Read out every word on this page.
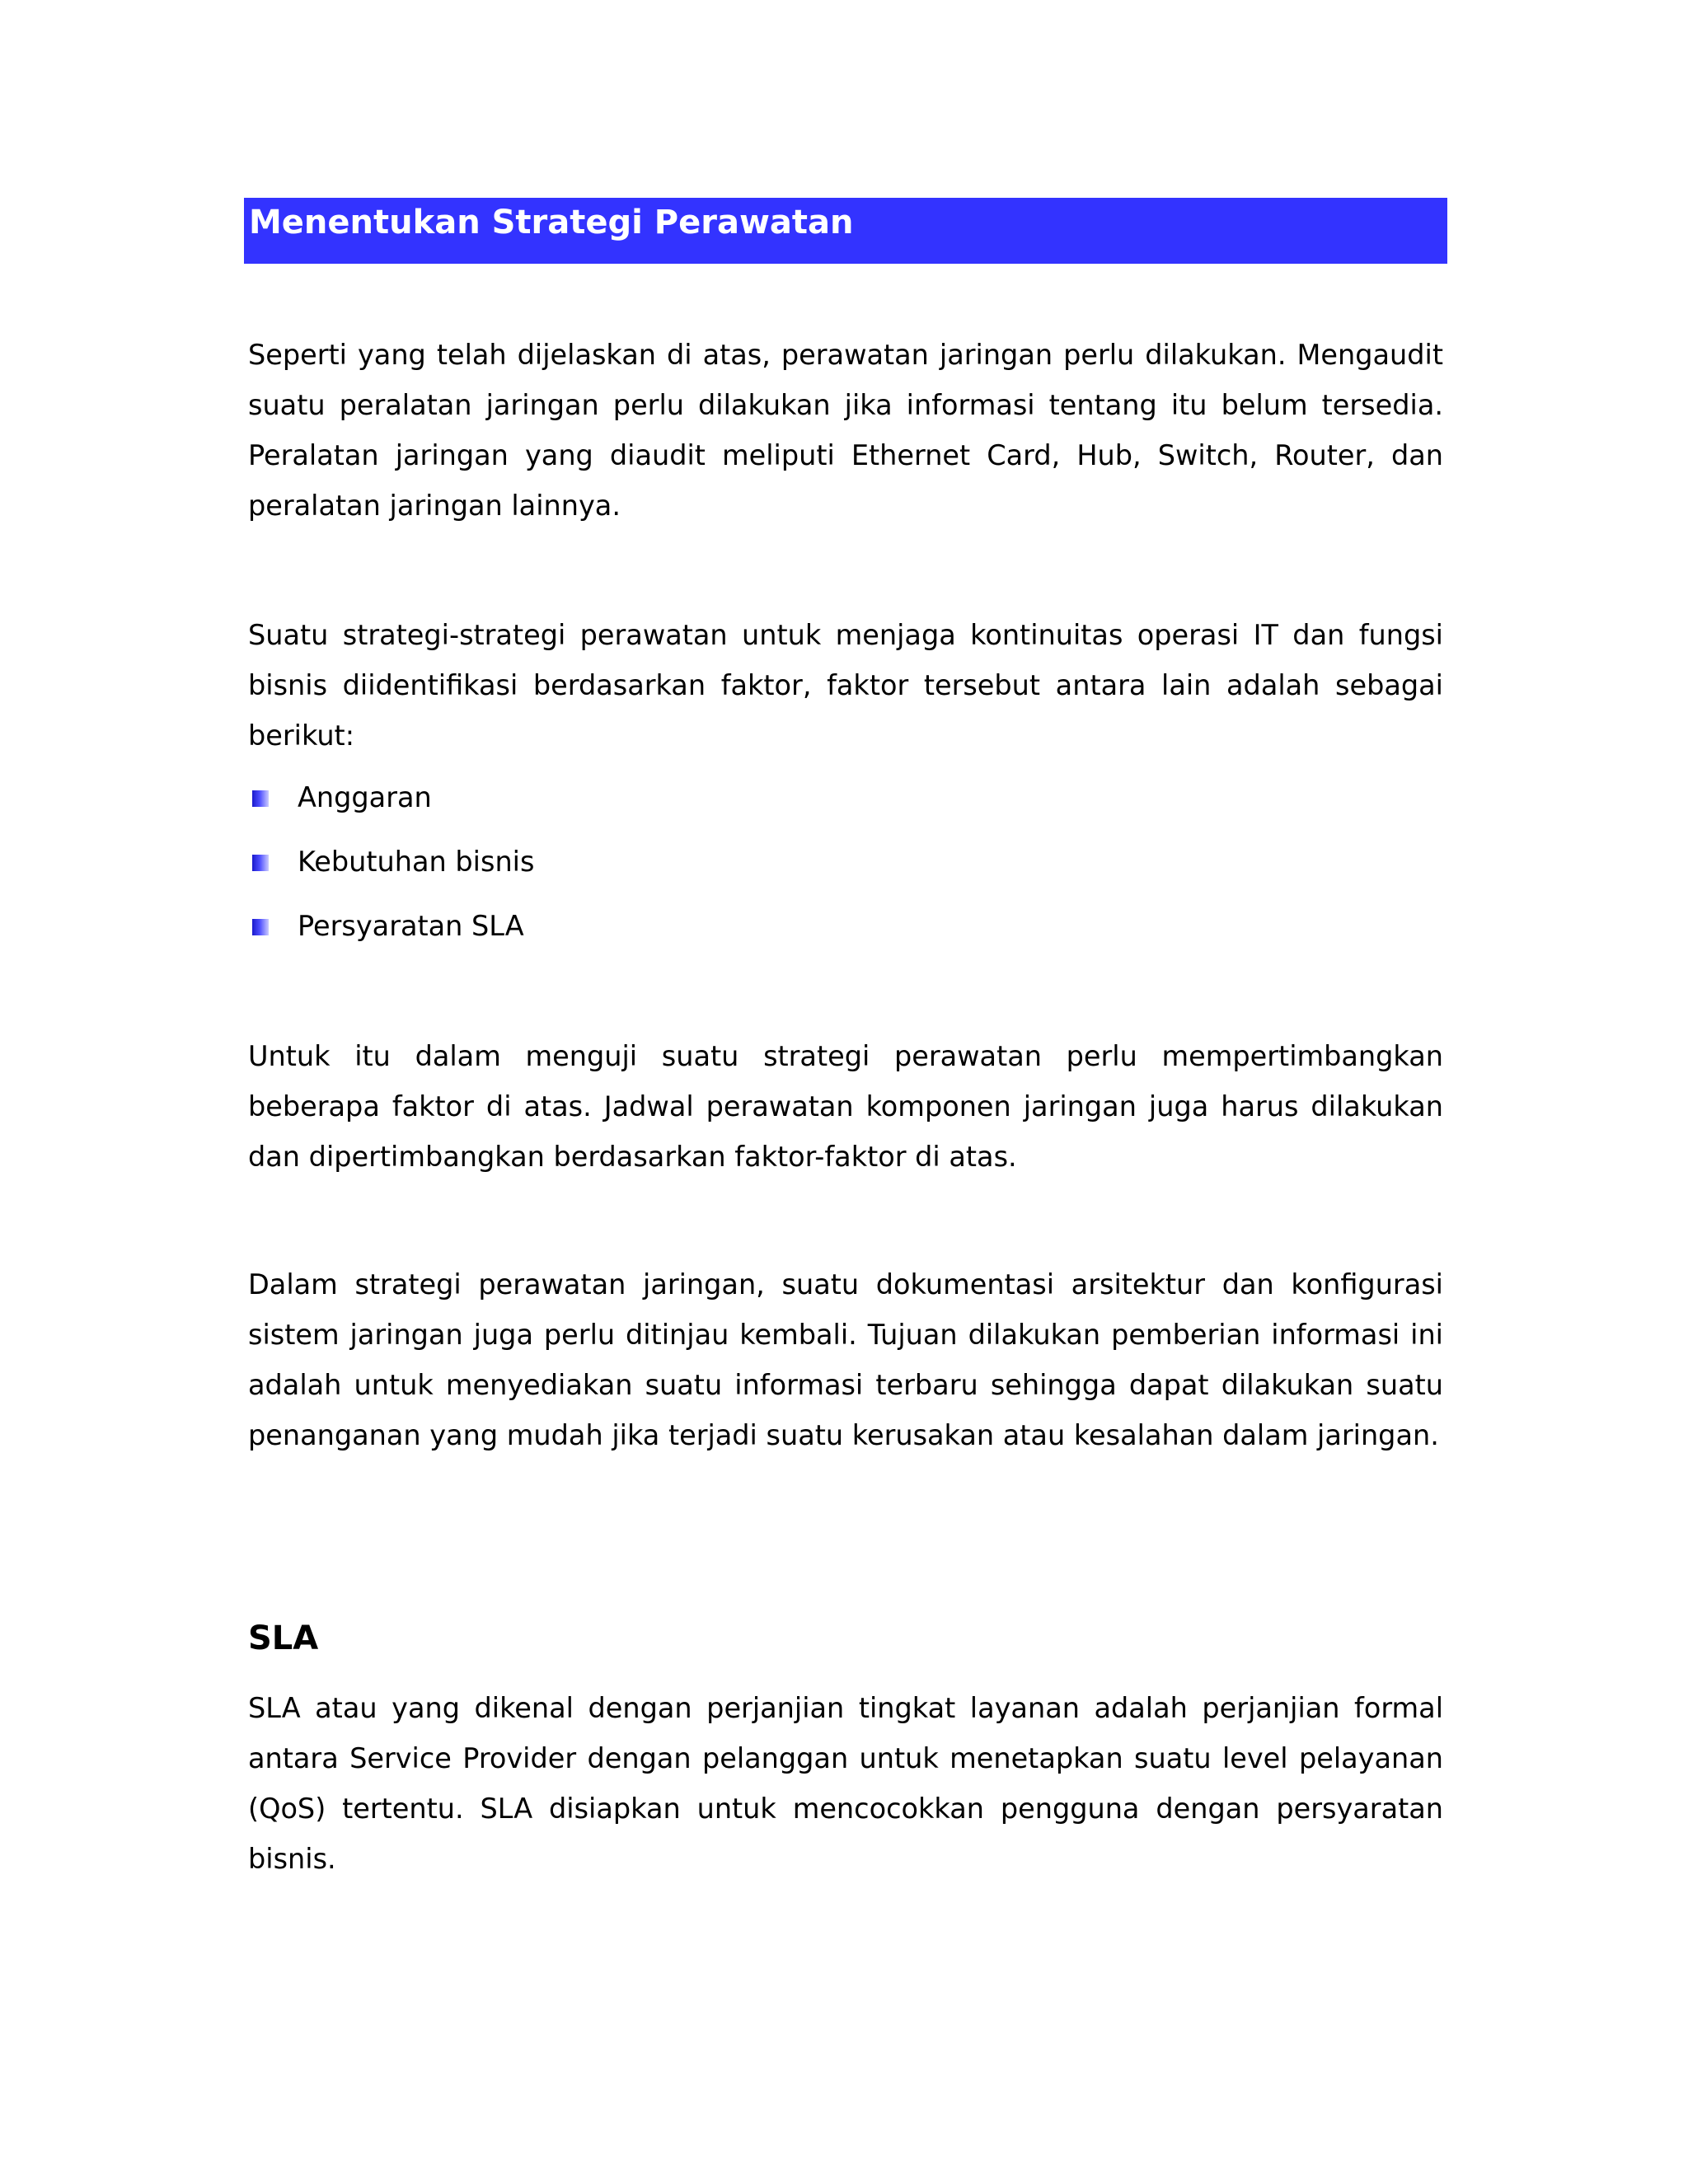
Menentukan Strategi Perawatan

Seperti yang telah dijelaskan di atas, perawatan jaringan perlu dilakukan. Mengaudit suatu peralatan jaringan perlu dilakukan jika informasi tentang itu belum tersedia. Peralatan jaringan yang diaudit meliputi Ethernet Card, Hub, Switch, Router, dan peralatan jaringan lainnya.

Suatu strategi-strategi perawatan untuk menjaga kontinuitas operasi IT dan fungsi bisnis diidentifikasi berdasarkan faktor, faktor tersebut antara lain adalah sebagai berikut:

Anggaran
Kebutuhan bisnis
Persyaratan SLA

Untuk itu dalam menguji suatu strategi perawatan perlu mempertimbangkan beberapa faktor di atas. Jadwal perawatan komponen jaringan juga harus dilakukan dan dipertimbangkan berdasarkan faktor-faktor di atas.

Dalam strategi perawatan jaringan, suatu dokumentasi arsitektur dan konfigurasi sistem jaringan juga perlu ditinjau kembali. Tujuan dilakukan pemberian informasi ini adalah untuk menyediakan suatu informasi terbaru sehingga dapat dilakukan suatu penanganan yang mudah jika terjadi suatu kerusakan atau kesalahan dalam jaringan.

SLA

SLA atau yang dikenal dengan perjanjian tingkat layanan adalah perjanjian formal antara Service Provider dengan pelanggan untuk menetapkan suatu level pelayanan (QoS) tertentu. SLA disiapkan untuk mencocokkan pengguna dengan persyaratan bisnis.
